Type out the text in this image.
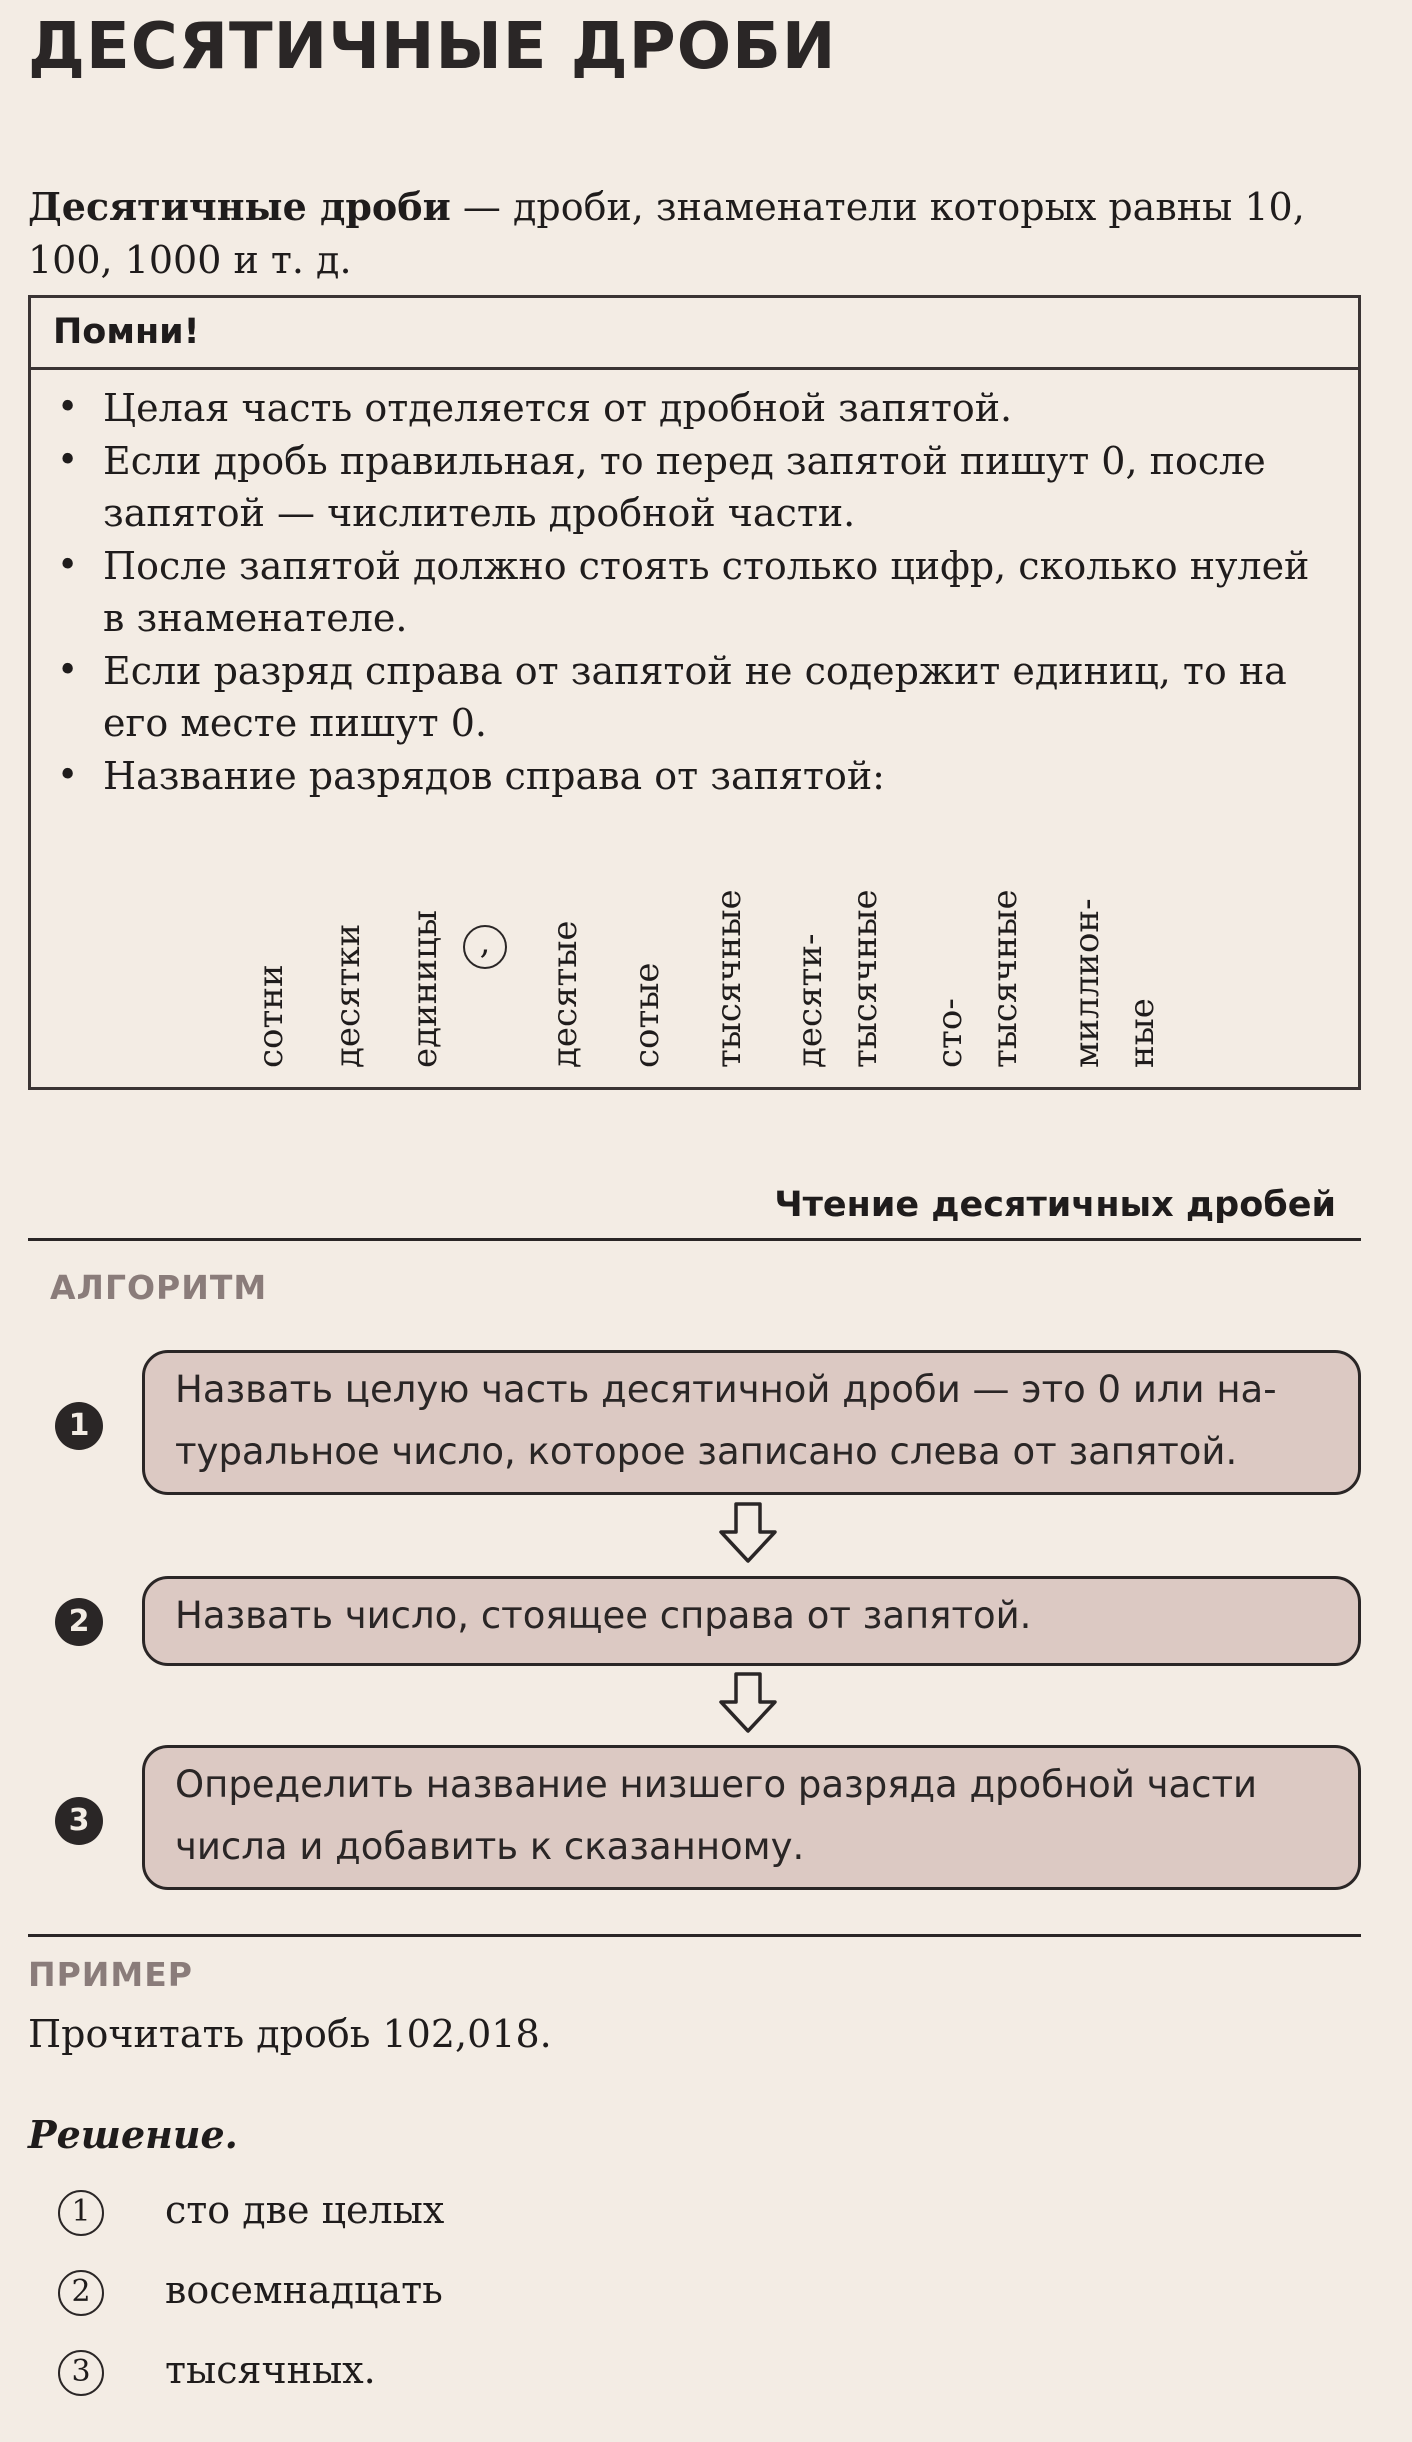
ДЕСЯТИЧНЫЕ ДРОБИ
Десятичные дроби — дроби, знаменатели которых равны 10, 100, 1000 и т. д.
Помни!
• Целая часть отделяется от дробной запятой.
• Если дробь правильная, то перед запятой пишут 0, после запятой — числитель дробной части.
• После запятой должно стоять столько цифр, сколько нулей в знаменателе.
• Если разряд справа от запятой не содержит единиц, то на его месте пишут 0.
• Название разрядов справа от запятой:
сотни десятки единицы	,	десятые сотые тысячные десяти- тысячные сто- тысячные миллион- ные
Чтение десятичных дробей
АЛГОРИТМ
1
Назвать целую часть десятичной дроби — это 0 или на-
туральное число, которое записано слева от запятой.
2	Назвать число, стоящее справа от запятой.
3
Определить название низшего разряда дробной части
числа и добавить к сказанному.
ПРИМЕР
Прочитать дробь 102,018.
Решение.
1	сто две целых
2	восемнадцать
3	тысячных.
